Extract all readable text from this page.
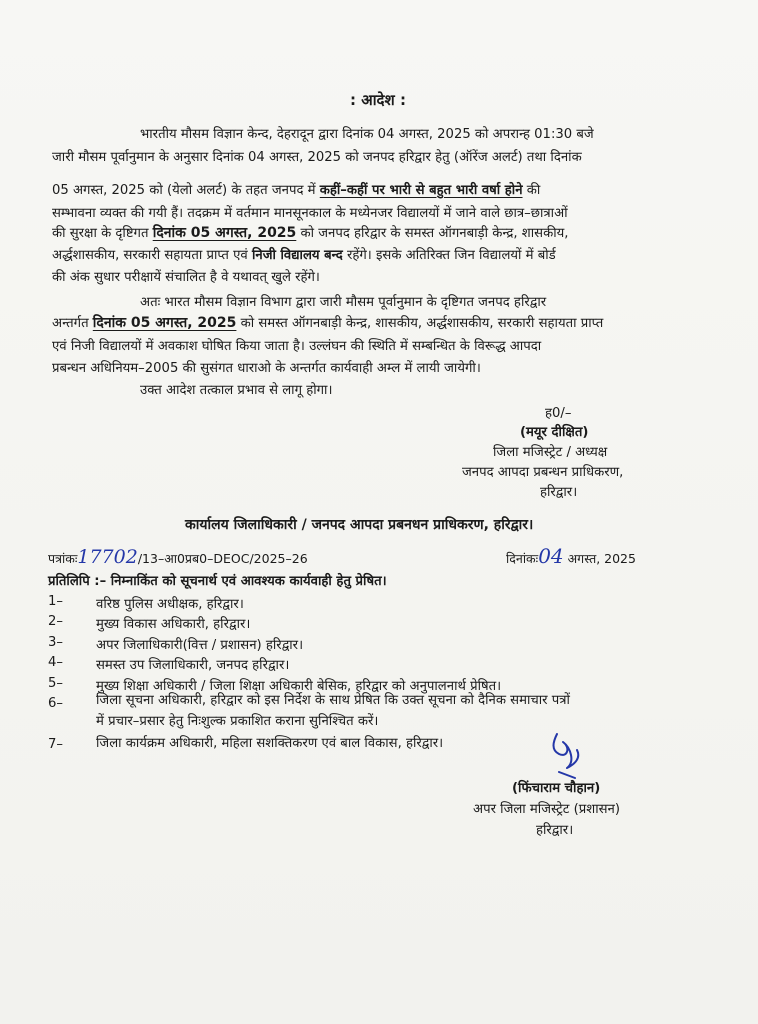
: आदेश :
भारतीय मौसम विज्ञान केन्द, देहरादून द्वारा दिनांक 04 अगस्त, 2025 को अपरान्ह 01:30 बजे
जारी मौसम पूर्वानुमान के अनुसार दिनांक 04 अगस्त, 2025 को जनपद हरिद्वार हेतु (ऑरेंज अलर्ट) तथा दिनांक
05 अगस्त, 2025 को (येलो अलर्ट) के तहत जनपद में कहीं–कहीं पर भारी से बहुत भारी वर्षा होने की
सम्भावना व्यक्त की गयी हैं। तदक्रम में वर्तमान मानसूनकाल के मध्येनजर विद्यालयों में जाने वाले छात्र–छात्राओं
की सुरक्षा के दृष्टिगत दिनांक 05 अगस्त, 2025 को जनपद हरिद्वार के समस्त ऑगनबाड़ी केन्द्र, शासकीय,
अर्द्धशासकीय, सरकारी सहायता प्राप्त एवं निजी विद्यालय बन्द रहेंगे। इसके अतिरिक्त जिन विद्यालयों में बोर्ड
की अंक सुधार परीक्षायें संचालित है वे यथावत् खुले रहेंगे।
अतः भारत मौसम विज्ञान विभाग द्वारा जारी मौसम पूर्वानुमान के दृष्टिगत जनपद हरिद्वार
अन्तर्गत दिनांक 05 अगस्त, 2025 को समस्त ऑगनबाड़ी केन्द्र, शासकीय, अर्द्धशासकीय, सरकारी सहायता प्राप्त
एवं निजी विद्यालयों में अवकाश घोषित किया जाता है। उल्लंघन की स्थिति में सम्बन्धित के विरूद्ध आपदा
प्रबन्धन अधिनियम–2005 की सुसंगत धाराओ के अन्तर्गत कार्यवाही अम्ल में लायी जायेगी।
उक्त आदेश तत्काल प्रभाव से लागू होगा।
ह0/–
(मयूर दीक्षित)
जिला मजिस्ट्रेट / अध्यक्ष
जनपद आपदा प्रबन्धन प्राधिकरण,
हरिद्वार।
कार्यालय जिलाधिकारी / जनपद आपदा प्रबनधन प्राधिकरण, हरिद्वार।
पत्रांकः17702/13–आ0प्रब0–DEOC/2025–26	दिनांकः04 अगस्त, 2025
प्रतिलिपि :– निम्नाकिंत को सूचनार्थ एवं आवश्यक कार्यवाही हेतु प्रेषित।
1–	वरिष्ठ पुलिस अधीक्षक, हरिद्वार।
2–	मुख्य विकास अधिकारी, हरिद्वार।
3–	अपर जिलाधिकारी(वित्त / प्रशासन) हरिद्वार।
4–	समस्त उप जिलाधिकारी, जनपद हरिद्वार।
5–	मुख्य शिक्षा अधिकारी / जिला शिक्षा अधिकारी बेसिक, हरिद्वार को अनुपालनार्थ प्रेषित।
6–	जिला सूचना अधिकारी, हरिद्वार को इस निर्देश के साथ प्रेषित कि उक्त सूचना को दैनिक समाचार पत्रों
में प्रचार–प्रसार हेतु निःशुल्क प्रकाशित कराना सुनिश्चित करें।
7–	जिला कार्यक्रम अधिकारी, महिला सशक्तिकरण एवं बाल विकास, हरिद्वार।
(फिंचाराम चौहान)
अपर जिला मजिस्ट्रेट (प्रशासन)
हरिद्वार।
